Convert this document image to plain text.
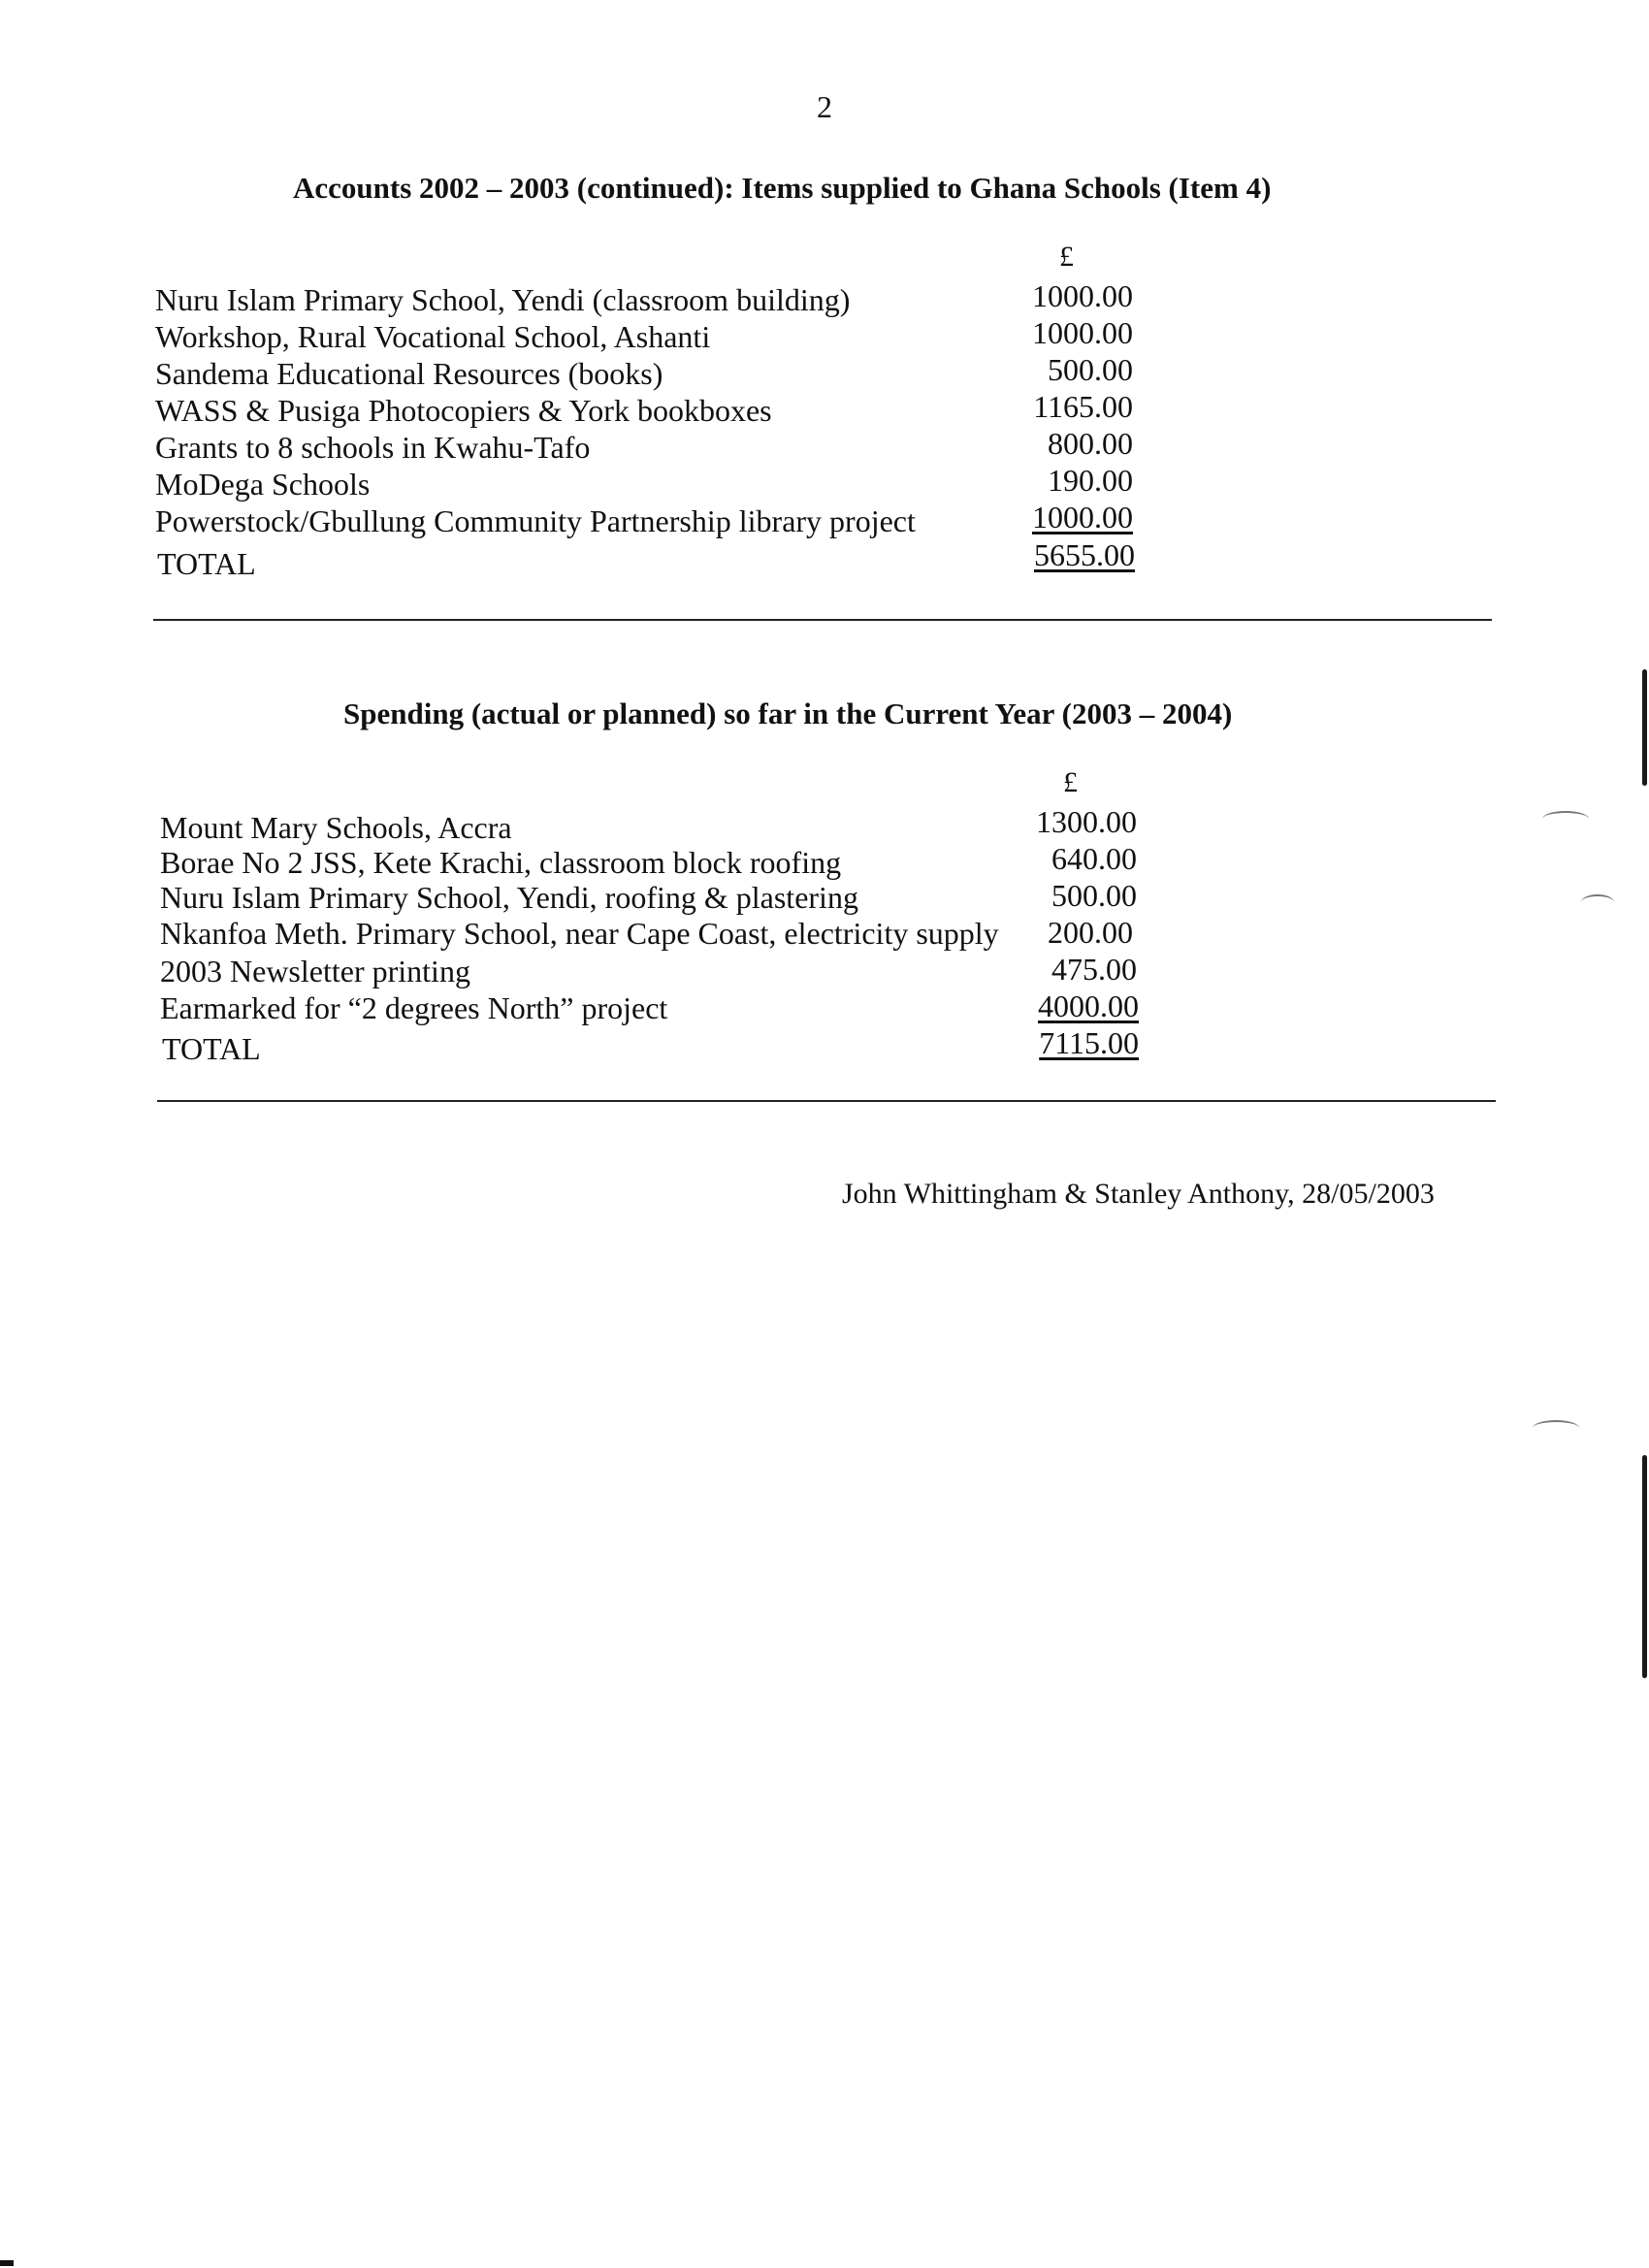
2
Accounts 2002 – 2003 (continued): Items supplied to Ghana Schools (Item 4)
£
Nuru Islam Primary School, Yendi (classroom building)	1000.00
Workshop, Rural Vocational School, Ashanti	1000.00
Sandema Educational Resources (books)	500.00
WASS & Pusiga Photocopiers & York bookboxes	1165.00
Grants to 8 schools in Kwahu-Tafo	800.00
MoDega Schools	190.00
Powerstock/Gbullung Community Partnership library project	1000.00
TOTAL	5655.00
Spending (actual or planned) so far in the Current Year (2003 – 2004)
£
Mount Mary Schools, Accra	1300.00
Borae No 2 JSS, Kete Krachi, classroom block roofing	640.00
Nuru Islam Primary School, Yendi, roofing & plastering	500.00
Nkanfoa Meth. Primary School, near Cape Coast, electricity supply	200.00
2003 Newsletter printing	475.00
Earmarked for “2 degrees North” project	4000.00
TOTAL	7115.00
John Whittingham & Stanley Anthony, 28/05/2003
